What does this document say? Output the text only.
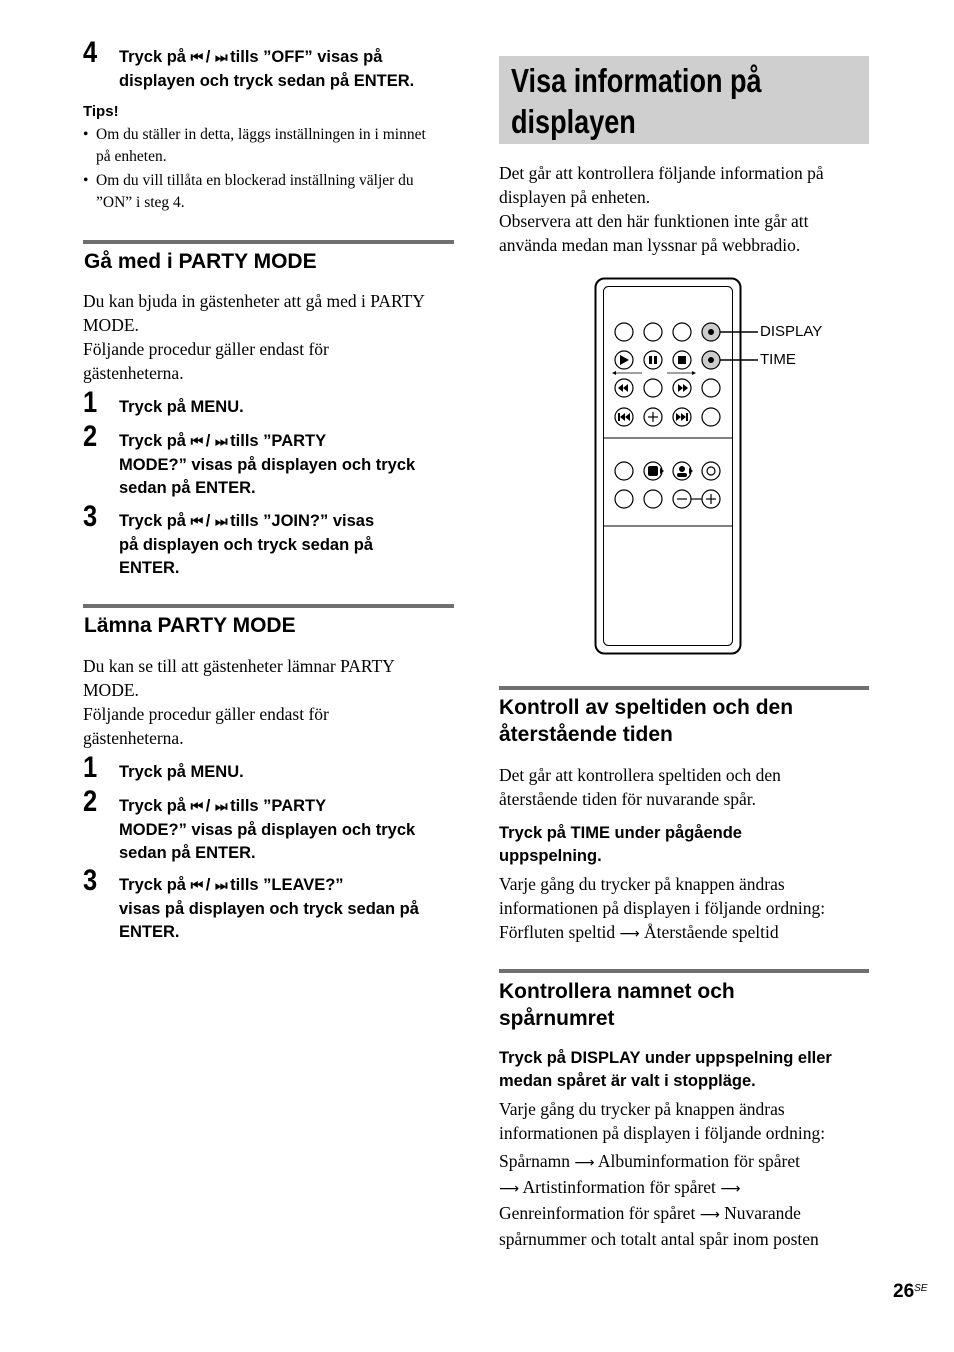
4 Tryck på ⏮ / ⏭ tills ”OFF” visas på
displayen och tryck sedan på ENTER.
Tips!
• Om du ställer in detta, läggs inställningen in i minnet
på enheten.
• Om du vill tillåta en blockerad inställning väljer du
”ON” i steg 4.
Gå med i PARTY MODE
Du kan bjuda in gästenheter att gå med i PARTY
MODE.
Följande procedur gäller endast för
gästenheterna.
1 Tryck på MENU.
2 Tryck på ⏮ / ⏭ tills ”PARTY
MODE?” visas på displayen och tryck
sedan på ENTER.
3 Tryck på ⏮ / ⏭ tills ”JOIN?” visas
på displayen och tryck sedan på
ENTER.
Lämna PARTY MODE
Du kan se till att gästenheter lämnar PARTY
MODE.
Följande procedur gäller endast för
gästenheterna.
1 Tryck på MENU.
2 Tryck på ⏮ / ⏭ tills ”PARTY
MODE?” visas på displayen och tryck
sedan på ENTER.
3 Tryck på ⏮ / ⏭ tills ”LEAVE?”
visas på displayen och tryck sedan på
ENTER.
Visa information på
displayen
Det går att kontrollera följande information på
displayen på enheten.
Observera att den här funktionen inte går att
använda medan man lyssnar på webbradio.
DISPLAY
TIME
Kontroll av speltiden och den
återstående tiden
Det går att kontrollera speltiden och den
återstående tiden för nuvarande spår.
Tryck på TIME under pågående
uppspelning.
Varje gång du trycker på knappen ändras
informationen på displayen i följande ordning:
Förfluten speltid ⟶ Återstående speltid
Kontrollera namnet och
spårnumret
Tryck på DISPLAY under uppspelning eller
medan spåret är valt i stoppläge.
Varje gång du trycker på knappen ändras
informationen på displayen i följande ordning:
Spårnamn ⟶ Albuminformation för spåret
⟶ Artistinformation för spåret ⟶
Genreinformation för spåret ⟶ Nuvarande
spårnummer och totalt antal spår inom posten
$26^{SE}$
